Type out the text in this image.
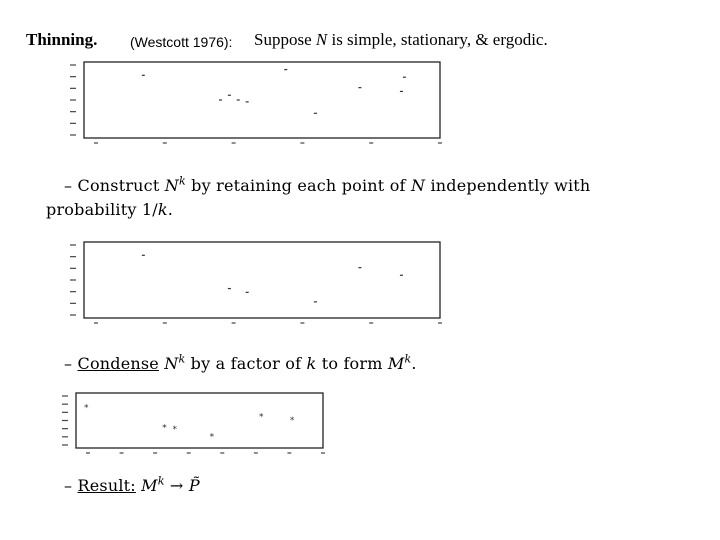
Thinning. (Westcott 1976): Suppose N is simple, stationary, & ergodic.
*
* *
*
*	*
– Construct $N^k$ by retaining each point of N independently with
probability 1/k.
– Condense $N^k$ by a factor of k to form $M^k$.
– Result: $M^k$ → P̃
